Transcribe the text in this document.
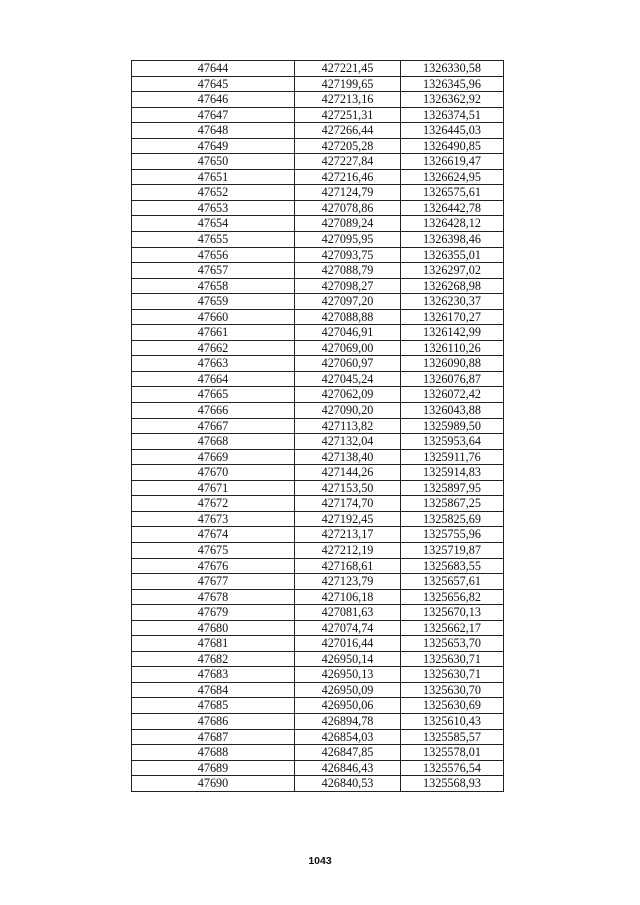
47644	427221,45	1326330,58
47645	427199,65	1326345,96
47646	427213,16	1326362,92
47647	427251,31	1326374,51
47648	427266,44	1326445,03
47649	427205,28	1326490,85
47650	427227,84	1326619,47
47651	427216,46	1326624,95
47652	427124,79	1326575,61
47653	427078,86	1326442,78
47654	427089,24	1326428,12
47655	427095,95	1326398,46
47656	427093,75	1326355,01
47657	427088,79	1326297,02
47658	427098,27	1326268,98
47659	427097,20	1326230,37
47660	427088,88	1326170,27
47661	427046,91	1326142,99
47662	427069,00	1326110,26
47663	427060,97	1326090,88
47664	427045,24	1326076,87
47665	427062,09	1326072,42
47666	427090,20	1326043,88
47667	427113,82	1325989,50
47668	427132,04	1325953,64
47669	427138,40	1325911,76
47670	427144,26	1325914,83
47671	427153,50	1325897,95
47672	427174,70	1325867,25
47673	427192,45	1325825,69
47674	427213,17	1325755,96
47675	427212,19	1325719,87
47676	427168,61	1325683,55
47677	427123,79	1325657,61
47678	427106,18	1325656,82
47679	427081,63	1325670,13
47680	427074,74	1325662,17
47681	427016,44	1325653,70
47682	426950,14	1325630,71
47683	426950,13	1325630,71
47684	426950,09	1325630,70
47685	426950,06	1325630,69
47686	426894,78	1325610,43
47687	426854,03	1325585,57
47688	426847,85	1325578,01
47689	426846,43	1325576,54
47690	426840,53	1325568,93
1043
